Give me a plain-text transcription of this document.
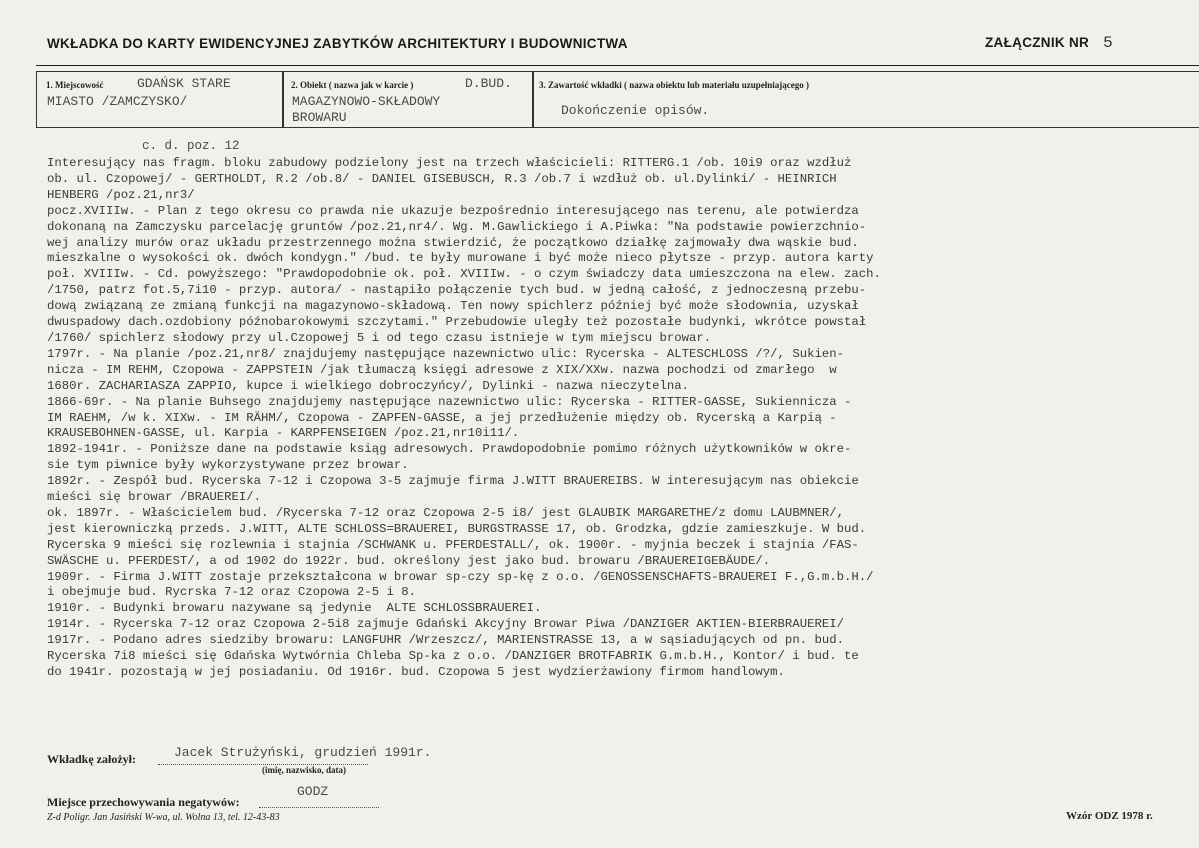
WKŁADKA DO KARTY EWIDENCYJNEJ ZABYTKÓW ARCHITEKTURY I BUDOWNICTWA	ZAŁĄCZNIK NR 5
1. Miejscowość	GDAŃSK STARE
MIASTO /ZAMCZYSKO/
2. Obiekt ( nazwa jak w karcie )	D.BUD.
MAGAZYNOWO-SKŁADOWY
BROWARU
3. Zawartość wkładki ( nazwa obiektu lub materiału uzupełniającego )
Dokończenie opisów.
c. d. poz. 12
Interesujący nas fragm. bloku zabudowy podzielony jest na trzech właścicieli: RITTERG.1 /ob. 10i9 oraz wzdłuż
ob. ul. Czopowej/ - GERTHOLDT, R.2 /ob.8/ - DANIEL GISEBUSCH, R.3 /ob.7 i wzdłuż ob. ul.Dylinki/ - HEINRICH
HENBERG /poz.21,nr3/
pocz.XVIIIw. - Plan z tego okresu co prawda nie ukazuje bezpośrednio interesującego nas terenu, ale potwierdza
dokonaną na Zamczysku parcelację gruntów /poz.21,nr4/. Wg. M.Gawlickiego i A.Piwka: "Na podstawie powierzchnio-
wej analizy murów oraz układu przestrzennego można stwierdzić, że początkowo działkę zajmowały dwa wąskie bud.
mieszkalne o wysokości ok. dwóch kondygn." /bud. te były murowane i być może nieco płytsze - przyp. autora karty
poł. XVIIIw. - Cd. powyższego: "Prawdopodobnie ok. poł. XVIIIw. - o czym świadczy data umieszczona na elew. zach.
/1750, patrz fot.5,7i10 - przyp. autora/ - nastąpiło połączenie tych bud. w jedną całość, z jednoczesną przebu-
dową związaną ze zmianą funkcji na magazynowo-składową. Ten nowy spichlerz później być może słodownia, uzyskał
dwuspadowy dach.ozdobiony późnobarokowymi szczytami." Przebudowie uległy też pozostałe budynki, wkrótce powstał
/1760/ spichlerz słodowy przy ul.Czopowej 5 i od tego czasu istnieje w tym miejscu browar.
1797r. - Na planie /poz.21,nr8/ znajdujemy następujące nazewnictwo ulic: Rycerska - ALTESCHLOSS /?/, Sukien-
nicza - IM REHM, Czopowa - ZAPPSTEIN /jak tłumaczą księgi adresowe z XIX/XXw. nazwa pochodzi od zmarłego  w
1680r. ZACHARIASZA ZAPPIO, kupce i wielkiego dobroczyńcy/, Dylinki - nazwa nieczytelna.
1866-69r. - Na planie Buhsego znajdujemy następujące nazewnictwo ulic: Rycerska - RITTER-GASSE, Sukiennicza -
IM RAEHM, /w k. XIXw. - IM RÄHM/, Czopowa - ZAPFEN-GASSE, a jej przedłużenie między ob. Rycerską a Karpią -
KRAUSEBOHNEN-GASSE, ul. Karpia - KARPFENSEIGEN /poz.21,nr10i11/.
1892-1941r. - Poniższe dane na podstawie ksiąg adresowych. Prawdopodobnie pomimo różnych użytkowników w okre-
sie tym piwnice były wykorzystywane przez browar.
1892r. - Zespół bud. Rycerska 7-12 i Czopowa 3-5 zajmuje firma J.WITT BRAUEREIBS. W interesującym nas obiekcie
mieści się browar /BRAUEREI/.
ok. 1897r. - Właścicielem bud. /Rycerska 7-12 oraz Czopowa 2-5 i8/ jest GLAUBIK MARGARETHE/z domu LAUBMNER/,
jest kierowniczką przeds. J.WITT, ALTE SCHLOSS=BRAUEREI, BURGSTRASSE 17, ob. Grodzka, gdzie zamieszkuje. W bud.
Rycerska 9 mieści się rozlewnia i stajnia /SCHWANK u. PFERDESTALL/, ok. 1900r. - myjnia beczek i stajnia /FAS-
SWÄSCHE u. PFERDEST/, a od 1902 do 1922r. bud. określony jest jako bud. browaru /BRAUEREIGEBÄUDE/.
1909r. - Firma J.WITT zostaje przekształcona w browar sp-czy sp-kę z o.o. /GENOSSENSCHAFTS-BRAUEREI F.,G.m.b.H./
i obejmuje bud. Rycrska 7-12 oraz Czopowa 2-5 i 8.
1910r. - Budynki browaru nazywane są jedynie  ALTE SCHLOSSBRAUEREI.
1914r. - Rycerska 7-12 oraz Czopowa 2-5i8 zajmuje Gdański Akcyjny Browar Piwa /DANZIGER AKTIEN-BIERBRAUEREI/
1917r. - Podano adres siedziby browaru: LANGFUHR /Wrzeszcz/, MARIENSTRASSE 13, a w sąsiadujących od pn. bud.
Rycerska 7i8 mieści się Gdańska Wytwórnia Chleba Sp-ka z o.o. /DANZIGER BROTFABRIK G.m.b.H., Kontor/ i bud. te
do 1941r. pozostają w jej posiadaniu. Od 1916r. bud. Czopowa 5 jest wydzierżawiony firmom handlowym.
Wkładkę założył:	Jacek Strużyński, grudzień 1991r.
(imię, nazwisko, data)
Miejsce przechowywania negatywów:
GODZ
Z-d Poligr. Jan Jasiński W-wa, ul. Wolna 13, tel. 12-43-83	Wzór ODZ 1978 r.
